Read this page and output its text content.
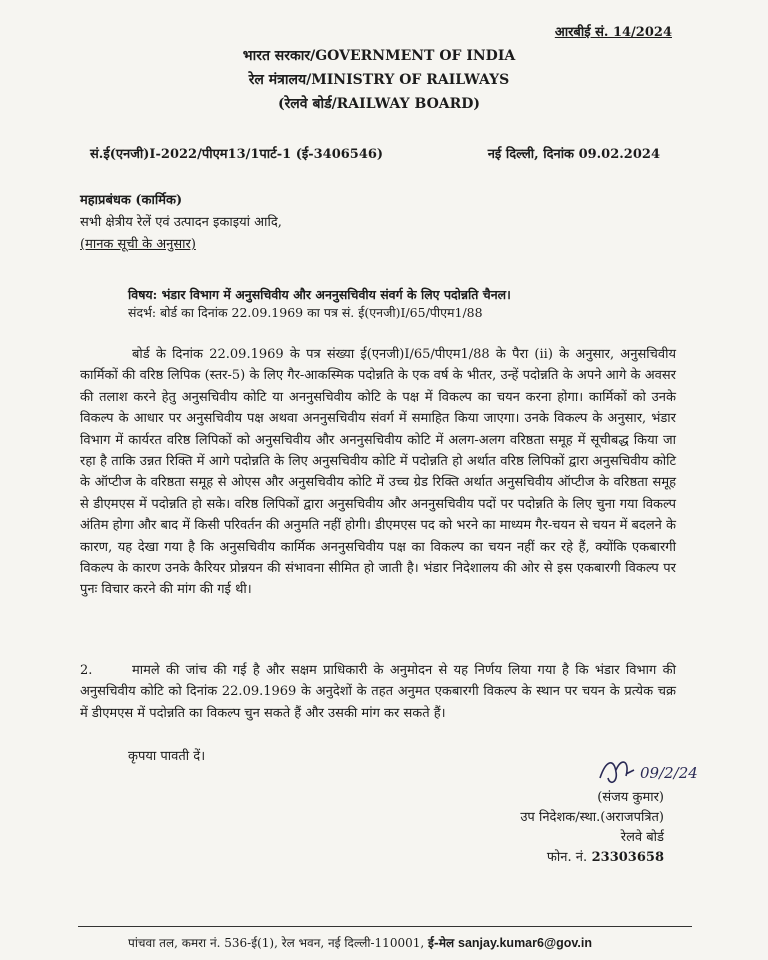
आरबीई सं. 14/2024
भारत सरकार/GOVERNMENT OF INDIA
रेल मंत्रालय/MINISTRY OF RAILWAYS
(रेलवे बोर्ड/RAILWAY BOARD)
सं.ई(एनजी)I-2022/पीएम13/1पार्ट-1 (ई-3406546)	नई दिल्ली, दिनांक 09.02.2024
महाप्रबंधक (कार्मिक)
सभी क्षेत्रीय रेलें एवं उत्पादन इकाइयां आदि,
(मानक सूची के अनुसार)
विषय: भंडार विभाग में अनुसचिवीय और अननुसचिवीय संवर्ग के लिए पदोन्नति चैनल।
संदर्भ: बोर्ड का दिनांक 22.09.1969 का पत्र सं. ई(एनजी)I/65/पीएम1/88
बोर्ड के दिनांक 22.09.1969 के पत्र संख्या ई(एनजी)I/65/पीएम1/88 के पैरा (ii) के अनुसार, अनुसचिवीय कार्मिकों की वरिष्ठ लिपिक (स्तर-5) के लिए गैर-आकस्मिक पदोन्नति के एक वर्ष के भीतर, उन्हें पदोन्नति के अपने आगे के अवसर की तलाश करने हेतु अनुसचिवीय कोटि या अननुसचिवीय कोटि के पक्ष में विकल्प का चयन करना होगा। कार्मिकों को उनके विकल्प के आधार पर अनुसचिवीय पक्ष अथवा अननुसचिवीय संवर्ग में समाहित किया जाएगा। उनके विकल्प के अनुसार, भंडार विभाग में कार्यरत वरिष्ठ लिपिकों को अनुसचिवीय और अननुसचिवीय कोटि में अलग-अलग वरिष्ठता समूह में सूचीबद्ध किया जा रहा है ताकि उन्नत रिक्ति में आगे पदोन्नति के लिए अनुसचिवीय कोटि में पदोन्नति हो अर्थात वरिष्ठ लिपिकों द्वारा अनुसचिवीय कोटि के ऑप्टीज के वरिष्ठता समूह से ओएस और अनुसचिवीय कोटि में उच्च ग्रेड रिक्ति अर्थात अनुसचिवीय ऑप्टीज के वरिष्ठता समूह से डीएमएस में पदोन्नति हो सके। वरिष्ठ लिपिकों द्वारा अनुसचिवीय और अननुसचिवीय पदों पर पदोन्नति के लिए चुना गया विकल्प अंतिम होगा और बाद में किसी परिवर्तन की अनुमति नहीं होगी। डीएमएस पद को भरने का माध्यम गैर-चयन से चयन में बदलने के कारण, यह देखा गया है कि अनुसचिवीय कार्मिक अननुसचिवीय पक्ष का विकल्प का चयन नहीं कर रहे हैं, क्योंकि एकबारगी विकल्प के कारण उनके कैरियर प्रोन्नयन की संभावना सीमित हो जाती है। भंडार निदेशालय की ओर से इस एकबारगी विकल्प पर पुनः विचार करने की मांग की गई थी।
2.	मामले की जांच की गई है और सक्षम प्राधिकारी के अनुमोदन से यह निर्णय लिया गया है कि भंडार विभाग की अनुसचिवीय कोटि को दिनांक 22.09.1969 के अनुदेशों के तहत अनुमत एकबारगी विकल्प के स्थान पर चयन के प्रत्येक चक्र में डीएमएस में पदोन्नति का विकल्प चुन सकते हैं और उसकी मांग कर सकते हैं।
कृपया पावती दें।
09/2/24
(संजय कुमार)
उप निदेशक/स्था.(अराजपत्रित)
रेलवे बोर्ड
फोन. नं. 23303658
पांचवा तल, कमरा नं. 536-ई(1), रेल भवन, नई दिल्ली-110001, ई-मेल sanjay.kumar6@gov.in
